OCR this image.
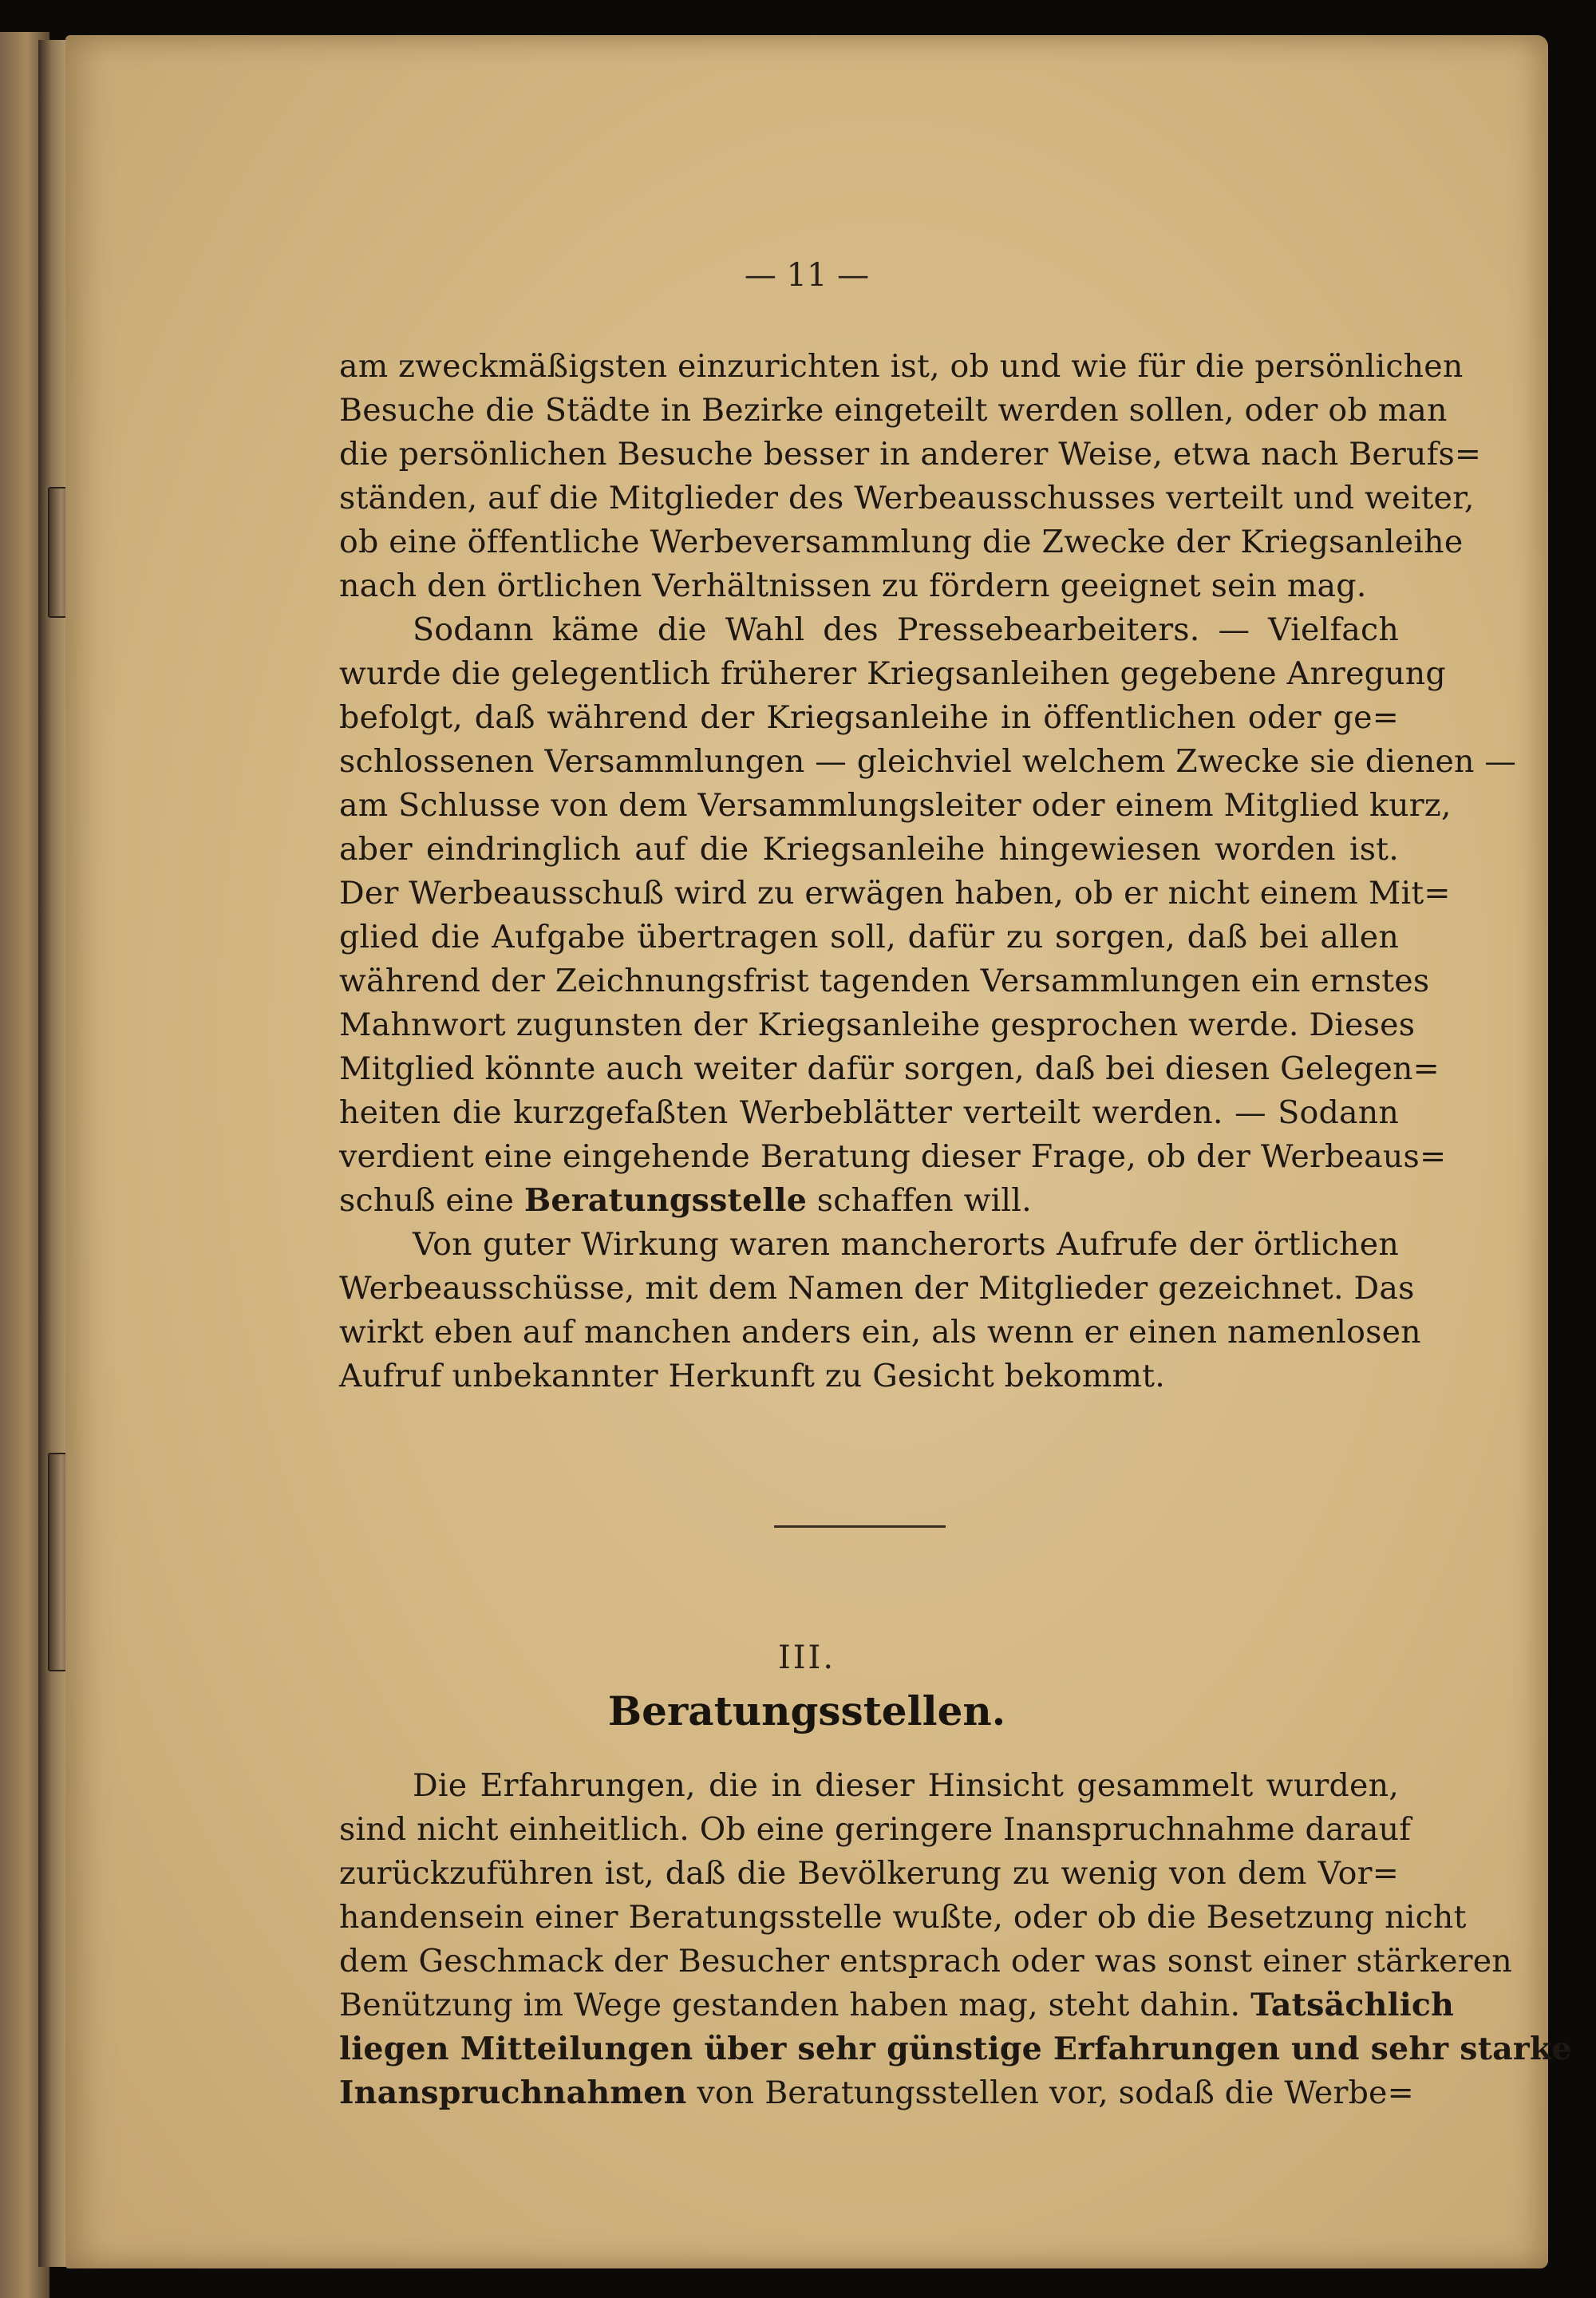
— 11 —
am zweckmäßigsten einzurichten ist, ob und wie für die persönlichen
Besuche die Städte in Bezirke eingeteilt werden sollen, oder ob man
die persönlichen Besuche besser in anderer Weise, etwa nach Berufs=
ständen, auf die Mitglieder des Werbeausschusses verteilt und weiter,
ob eine öffentliche Werbeversammlung die Zwecke der Kriegsanleihe
nach den örtlichen Verhältnissen zu fördern geeignet sein mag.
Sodann käme die Wahl des Pressebearbeiters. — Vielfach
wurde die gelegentlich früherer Kriegsanleihen gegebene Anregung
befolgt, daß während der Kriegsanleihe in öffentlichen oder ge=
schlossenen Versammlungen — gleichviel welchem Zwecke sie dienen —
am Schlusse von dem Versammlungsleiter oder einem Mitglied kurz,
aber eindringlich auf die Kriegsanleihe hingewiesen worden ist.
Der Werbeausschuß wird zu erwägen haben, ob er nicht einem Mit=
glied die Aufgabe übertragen soll, dafür zu sorgen, daß bei allen
während der Zeichnungsfrist tagenden Versammlungen ein ernstes
Mahnwort zugunsten der Kriegsanleihe gesprochen werde. Dieses
Mitglied könnte auch weiter dafür sorgen, daß bei diesen Gelegen=
heiten die kurzgefaßten Werbeblätter verteilt werden. — Sodann
verdient eine eingehende Beratung dieser Frage, ob der Werbeaus=
schuß eine Beratungsstelle schaffen will.
Von guter Wirkung waren mancherorts Aufrufe der örtlichen
Werbeausschüsse, mit dem Namen der Mitglieder gezeichnet. Das
wirkt eben auf manchen anders ein, als wenn er einen namenlosen
Aufruf unbekannter Herkunft zu Gesicht bekommt.
III.
Beratungsstellen.
Die Erfahrungen, die in dieser Hinsicht gesammelt wurden,
sind nicht einheitlich. Ob eine geringere Inanspruchnahme darauf
zurückzuführen ist, daß die Bevölkerung zu wenig von dem Vor=
handensein einer Beratungsstelle wußte, oder ob die Besetzung nicht
dem Geschmack der Besucher entsprach oder was sonst einer stärkeren
Benützung im Wege gestanden haben mag, steht dahin. Tatsächlich
liegen Mitteilungen über sehr günstige Erfahrungen und sehr starke
Inanspruchnahmen von Beratungsstellen vor, sodaß die Werbe=
